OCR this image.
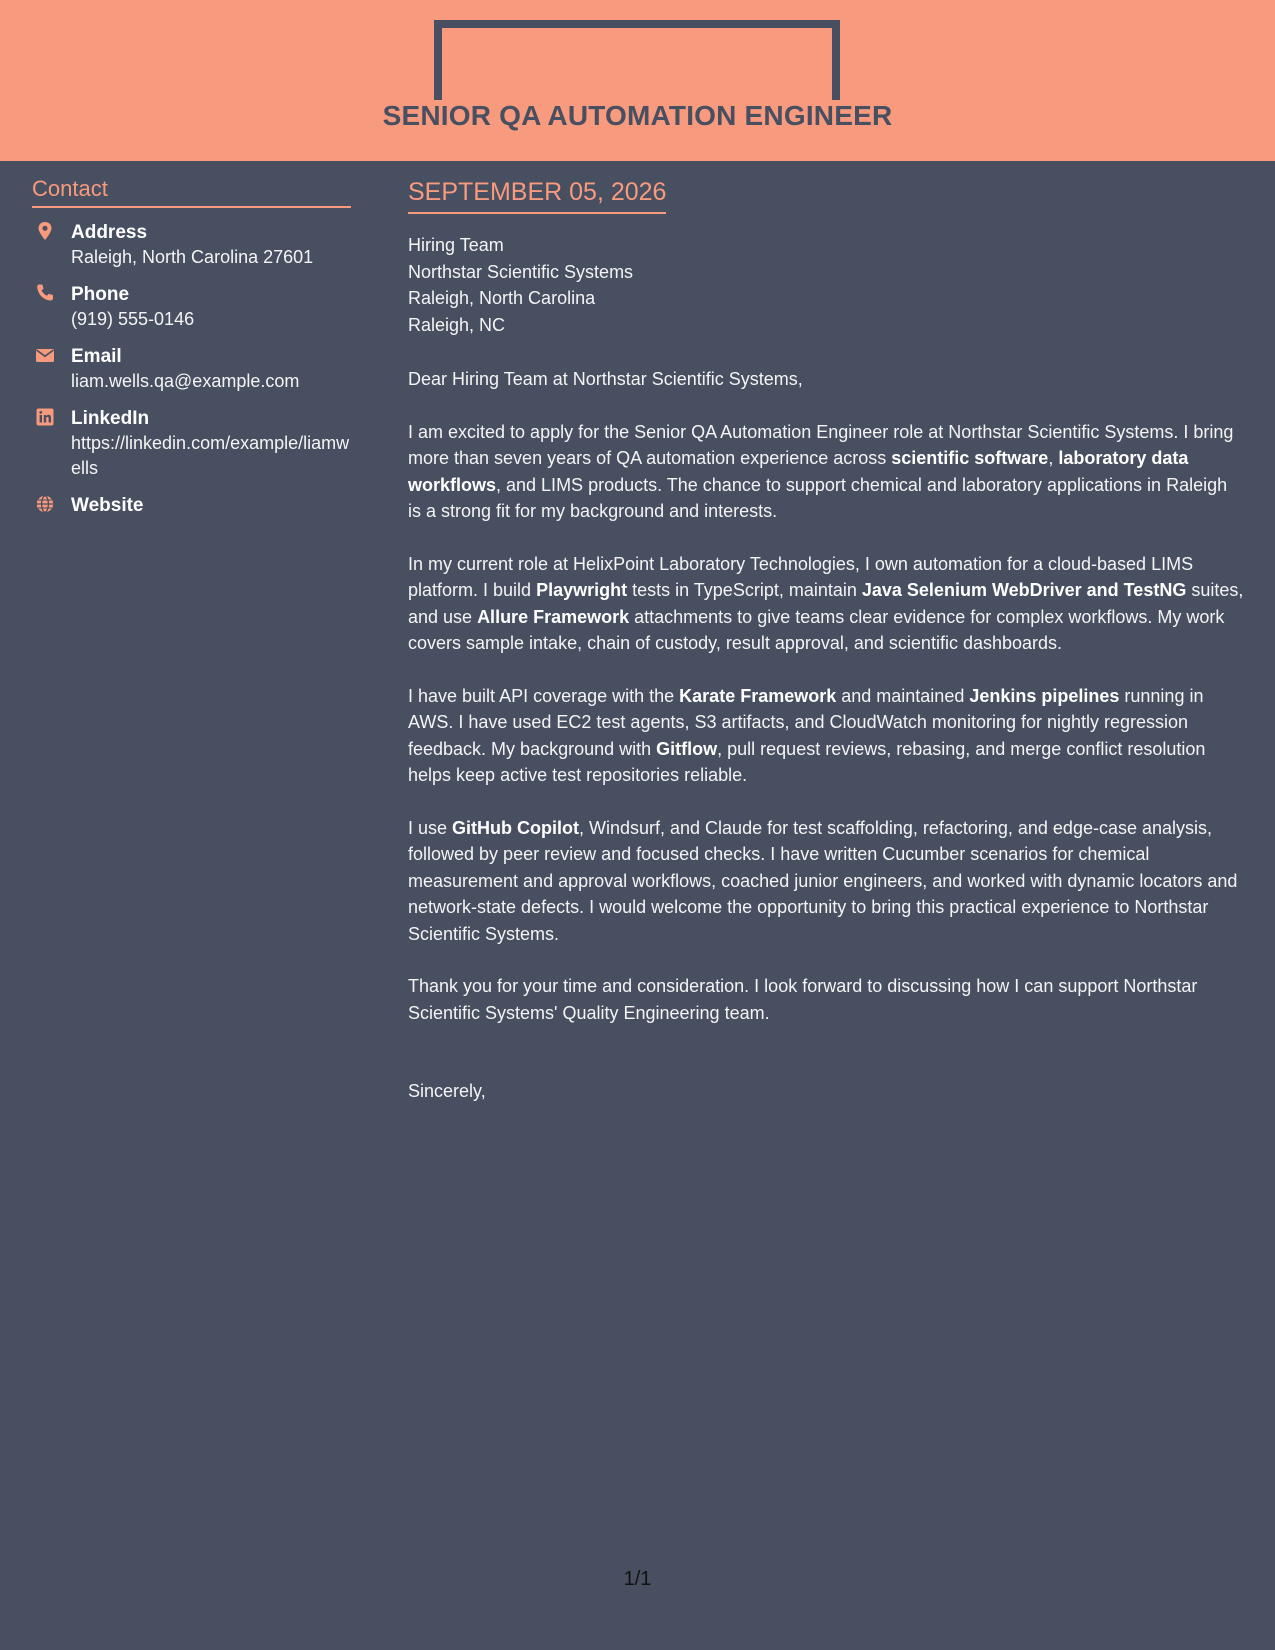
SENIOR QA AUTOMATION ENGINEER
Contact
Address
Raleigh, North Carolina 27601
Phone
(919) 555-0146
Email
liam.wells.qa@example.com
LinkedIn
https://linkedin.com/example/liamwells
Website
SEPTEMBER 05, 2026
Hiring Team
Northstar Scientific Systems
Raleigh, North Carolina
Raleigh, NC

Dear Hiring Team at Northstar Scientific Systems,

I am excited to apply for the Senior QA Automation Engineer role at Northstar Scientific Systems. I bring more than seven years of QA automation experience across scientific software, laboratory data workflows, and LIMS products. The chance to support chemical and laboratory applications in Raleigh is a strong fit for my background and interests.

In my current role at HelixPoint Laboratory Technologies, I own automation for a cloud-based LIMS platform. I build Playwright tests in TypeScript, maintain Java Selenium WebDriver and TestNG suites, and use Allure Framework attachments to give teams clear evidence for complex workflows. My work covers sample intake, chain of custody, result approval, and scientific dashboards.

I have built API coverage with the Karate Framework and maintained Jenkins pipelines running in AWS. I have used EC2 test agents, S3 artifacts, and CloudWatch monitoring for nightly regression feedback. My background with Gitflow, pull request reviews, rebasing, and merge conflict resolution helps keep active test repositories reliable.

I use GitHub Copilot, Windsurf, and Claude for test scaffolding, refactoring, and edge-case analysis, followed by peer review and focused checks. I have written Cucumber scenarios for chemical measurement and approval workflows, coached junior engineers, and worked with dynamic locators and network-state defects. I would welcome the opportunity to bring this practical experience to Northstar Scientific Systems.

Thank you for your time and consideration. I look forward to discussing how I can support Northstar Scientific Systems' Quality Engineering team.

Sincerely,

1/1
